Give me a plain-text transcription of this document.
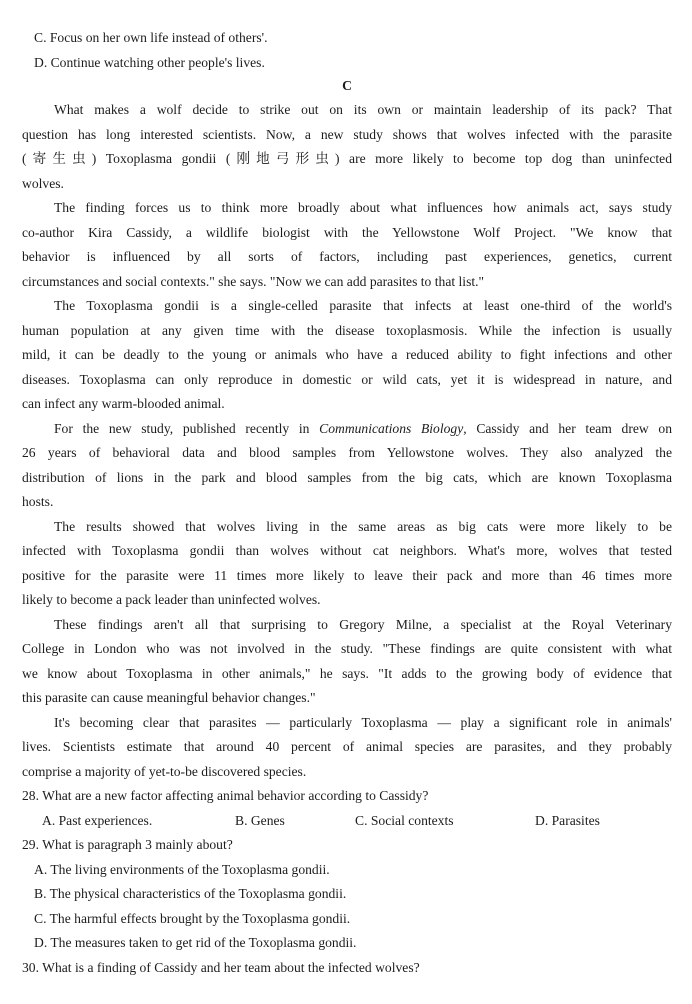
C. Focus on her own life instead of others'.

D. Continue watching other people's lives.

C

What makes a wolf decide to strike out on its own or maintain leadership of its pack? That

question has long interested scientists. Now, a new study shows that wolves infected with the parasite

(寄生虫) Toxoplasma gondii (刚地弓形虫) are more likely to become top dog than uninfected

wolves.

The finding forces us to think more broadly about what influences how animals act, says study

co-author Kira Cassidy, a wildlife biologist with the Yellowstone Wolf Project. "We know that

behavior is influenced by all sorts of factors, including past experiences, genetics, current

circumstances and social contexts." she says. "Now we can add parasites to that list."

The Toxoplasma gondii is a single-celled parasite that infects at least one-third of the world's

human population at any given time with the disease toxoplasmosis. While the infection is usually

mild, it can be deadly to the young or animals who have a reduced ability to fight infections and other

diseases. Toxoplasma can only reproduce in domestic or wild cats, yet it is widespread in nature, and

can infect any warm-blooded animal.

For the new study, published recently in Communications Biology, Cassidy and her team drew on

26 years of behavioral data and blood samples from Yellowstone wolves. They also analyzed the

distribution of lions in the park and blood samples from the big cats, which are known Toxoplasma

hosts.

The results showed that wolves living in the same areas as big cats were more likely to be

infected with Toxoplasma gondii than wolves without cat neighbors. What's more, wolves that tested

positive for the parasite were 11 times more likely to leave their pack and more than 46 times more

likely to become a pack leader than uninfected wolves.

These findings aren't all that surprising to Gregory Milne, a specialist at the Royal Veterinary

College in London who was not involved in the study. "These findings are quite consistent with what

we know about Toxoplasma in other animals," he says. "It adds to the growing body of evidence that

this parasite can cause meaningful behavior changes."

It's becoming clear that parasites — particularly Toxoplasma — play a significant role in animals'

lives. Scientists estimate that around 40 percent of animal species are parasites, and they probably

comprise a majority of yet-to-be discovered species.

28. What are a new factor affecting animal behavior according to Cassidy?

A. Past experiences.	B. Genes	C. Social contexts	D. Parasites

29. What is paragraph 3 mainly about?

A. The living environments of the Toxoplasma gondii.

B. The physical characteristics of the Toxoplasma gondii.

C. The harmful effects brought by the Toxoplasma gondii.

D. The measures taken to get rid of the Toxoplasma gondii.

30. What is a finding of Cassidy and her team about the infected wolves?
